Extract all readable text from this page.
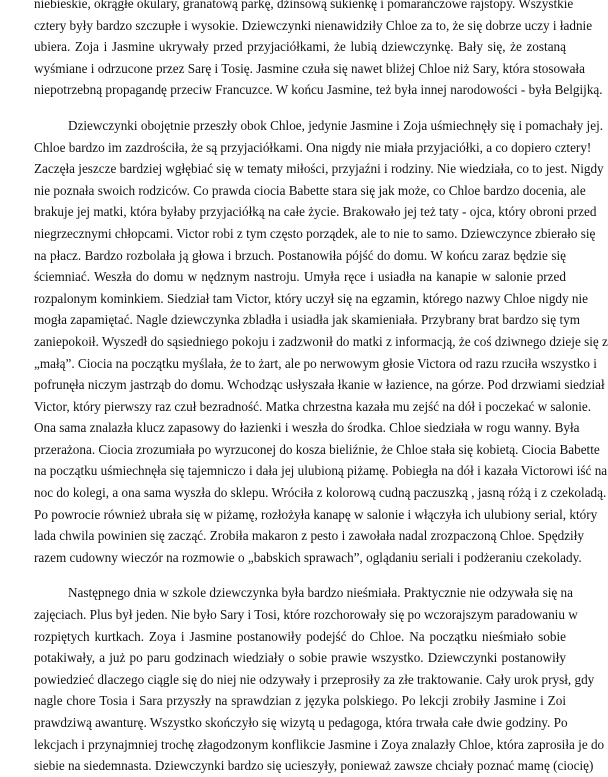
niebieskie, okrągłe okulary, granatową parkę, dżinsową sukienkę i pomarańczowe rajstopy. Wszystkie
cztery były bardzo szczupłe i wysokie. Dziewczynki nienawidziły Chloe za to, że się dobrze uczy i ładnie
ubiera. Zoja i Jasmine ukrywały przed przyjaciółkami, że lubią dziewczynkę. Bały się, że zostaną
wyśmiane i odrzucone przez Sarę i Tosię. Jasmine czuła się nawet bliżej Chloe niż Sary, która stosowała
niepotrzebną propagandę przeciw Francuzce. W końcu Jasmine, też była innej narodowości - była Belgijką.

Dziewczynki obojętnie przeszły obok Chloe, jedynie Jasmine i Zoja uśmiechnęły się i pomachały jej.
Chloe bardzo im zazdrościła, że są przyjaciółkami. Ona nigdy nie miała przyjaciółki, a co dopiero cztery!
Zaczęła jeszcze bardziej wgłębiać się w tematy miłości, przyjaźni i rodziny. Nie wiedziała, co to jest. Nigdy
nie poznała swoich rodziców. Co prawda ciocia Babette stara się jak może, co Chloe bardzo docenia, ale
brakuje jej matki, która byłaby przyjaciółką na całe życie. Brakowało jej też taty - ojca, który obroni przed
niegrzecznymi chłopcami. Victor robi z tym często porządek, ale to nie to samo. Dziewczynce zbierało się
na płacz. Bardzo rozbolała ją głowa i brzuch. Postanowiła pójść do domu. W końcu zaraz będzie się
ściemniać. Weszła do domu w nędznym nastroju. Umyła ręce i usiadła na kanapie w salonie przed
rozpalonym kominkiem. Siedział tam Victor, który uczył się na egzamin, którego nazwy Chloe nigdy nie
mogła zapamiętać. Nagle dziewczynka zbladła i usiadła jak skamieniała. Przybrany brat bardzo się tym
zaniepokoił. Wyszedł do sąsiedniego pokoju i zadzwonił do matki z informacją, że coś dziwnego dzieje się z
„małą”. Ciocia na początku myślała, że to żart, ale po nerwowym głosie Victora od razu rzuciła wszystko i
pofrunęła niczym jastrząb do domu. Wchodząc usłyszała łkanie w łazience, na górze. Pod drzwiami siedział
Victor, który pierwszy raz czuł bezradność. Matka chrzestna kazała mu zejść na dół i poczekać w salonie.
Ona sama znalazła klucz zapasowy do łazienki i weszła do środka. Chloe siedziała w rogu wanny. Była
przerażona. Ciocia zrozumiała po wyrzuconej do kosza bieliźnie, że Chloe stała się kobietą. Ciocia Babette
na początku uśmiechnęła się tajemniczo i dała jej ulubioną piżamę. Pobiegła na dół i kazała Victorowi iść na
noc do kolegi, a ona sama wyszła do sklepu. Wróciła z kolorową cudną paczuszką , jasną różą i z czekoladą.
Po powrocie również ubrała się w piżamę, rozłożyła kanapę w salonie i włączyła ich ulubiony serial, który
lada chwila powinien się zacząć. Zrobiła makaron z pesto i zawołała nadal zrozpaczoną Chloe. Spędziły
razem cudowny wieczór na rozmowie o „babskich sprawach”, oglądaniu seriali i podżeraniu czekolady.

Następnego dnia w szkole dziewczynka była bardzo nieśmiała. Praktycznie nie odzywała się na
zajęciach. Plus był jeden. Nie było Sary i Tosi, które rozchorowały się po wczorajszym paradowaniu w
rozpiętych kurtkach. Zoya i Jasmine postanowiły podejść do Chloe. Na początku nieśmiało sobie
potakiwały, a już po paru godzinach wiedziały o sobie prawie wszystko. Dziewczynki postanowiły
powiedzieć dlaczego ciągle się do niej nie odzywały i przeprosiły za złe traktowanie. Cały urok prysł, gdy
nagle chore Tosia i Sara przyszły na sprawdzian z języka polskiego. Po lekcji zrobiły Jasmine i Zoi
prawdziwą awanturę. Wszystko skończyło się wizytą u pedagoga, która trwała całe dwie godziny. Po
lekcjach i przynajmniej trochę złagodzonym konflikcie Jasmine i Zoya znalazły Chloe, która zaprosiła je do
siebie na siedemnasta. Dziewczynki bardzo się ucieszyły, ponieważ zawsze chciały poznać mamę (ciocię)
